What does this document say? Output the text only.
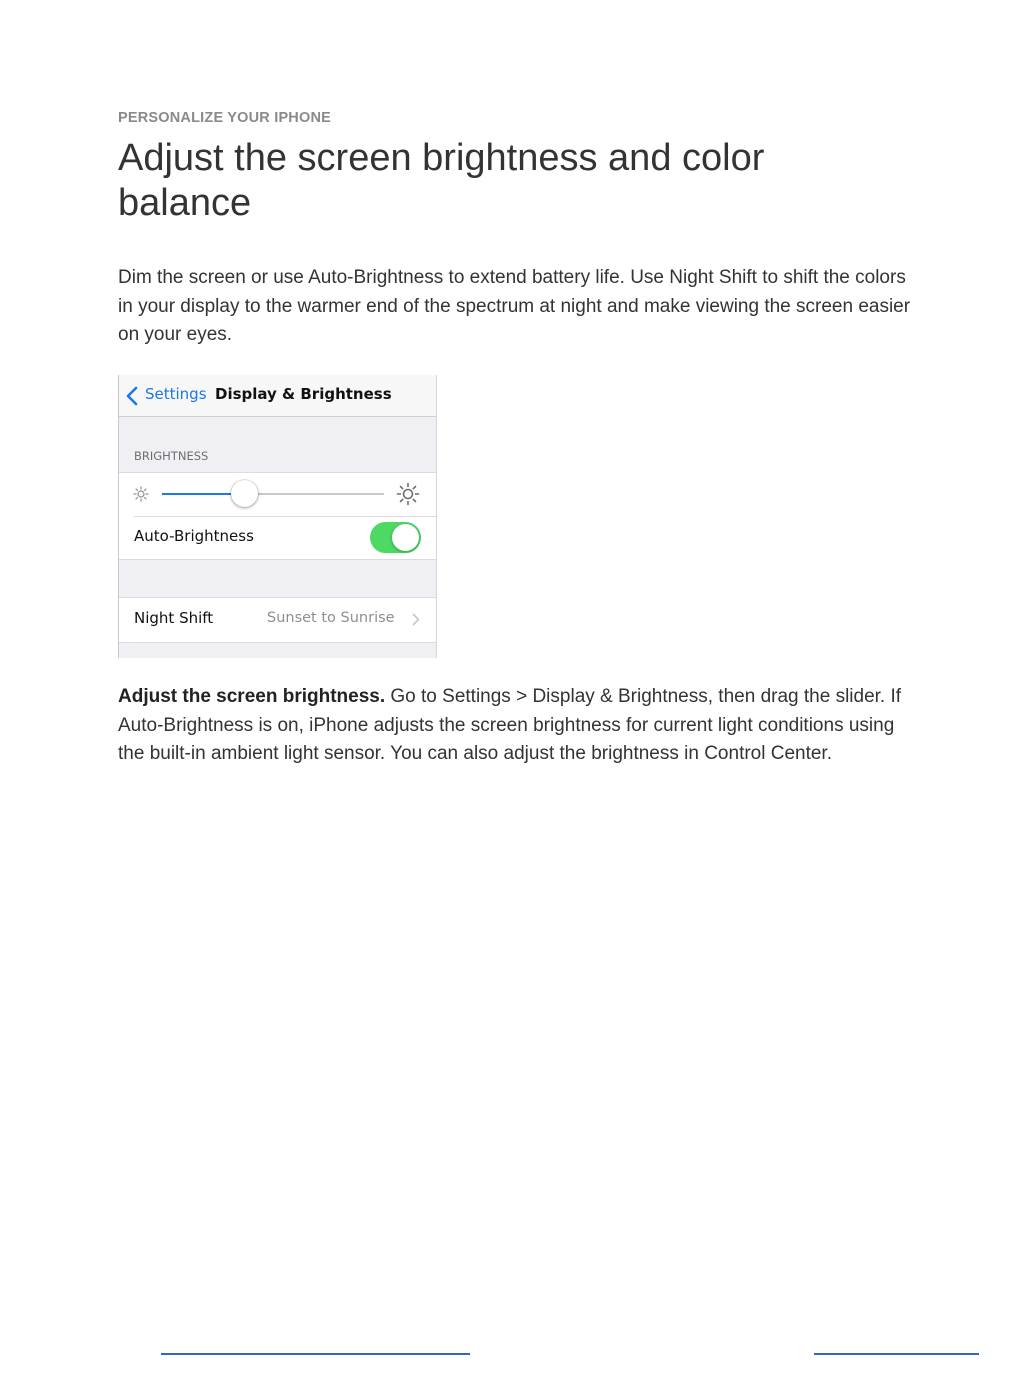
PERSONALIZE YOUR IPHONE
Adjust the screen brightness and color balance

Dim the screen or use Auto-Brightness to extend battery life. Use Night Shift to shift the colors in your display to the warmer end of the spectrum at night and make viewing the screen easier on your eyes.

Settings Display & Brightness
BRIGHTNESS
Auto-Brightness
Night Shift	Sunset to Sunrise

Adjust the screen brightness. Go to Settings > Display & Brightness, then drag the slider. If Auto-Brightness is on, iPhone adjusts the screen brightness for current light conditions using the built-in ambient light sensor. You can also adjust the brightness in Control Center.
